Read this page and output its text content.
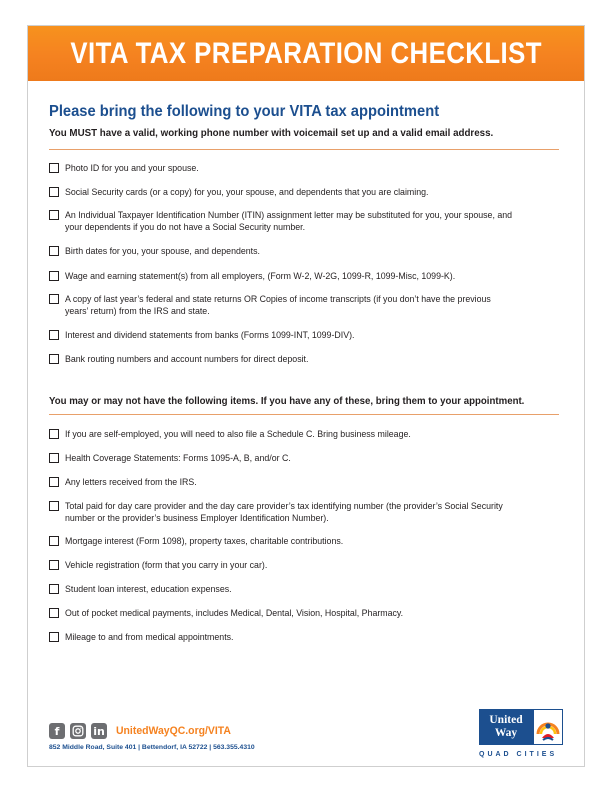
VITA TAX PREPARATION CHECKLIST
Please bring the following to your VITA tax appointment
You MUST have a valid, working phone number with voicemail set up and a valid email address.
Photo ID for you and your spouse.
Social Security cards (or a copy) for you, your spouse, and dependents that you are claiming.
An Individual Taxpayer Identification Number (ITIN) assignment letter may be substituted for you, your spouse, and your dependents if you do not have a Social Security number.
Birth dates for you, your spouse, and dependents.
Wage and earning statement(s) from all employers, (Form W-2, W-2G, 1099-R, 1099-Misc, 1099-K).
A copy of last year’s federal and state returns OR Copies of income transcripts (if you don’t have the previous years’ return) from the IRS and state.
Interest and dividend statements from banks (Forms 1099-INT, 1099-DIV).
Bank routing numbers and account numbers for direct deposit.
You may or may not have the following items. If you have any of these, bring them to your appointment.
If you are self-employed, you will need to also file a Schedule C. Bring business mileage.
Health Coverage Statements: Forms 1095-A, B, and/or C.
Any letters received from the IRS.
Total paid for day care provider and the day care provider’s tax identifying number (the provider’s Social Security number or the provider’s business Employer Identification Number).
Mortgage interest (Form 1098), property taxes, charitable contributions.
Vehicle registration (form that you carry in your car).
Student loan interest, education expenses.
Out of pocket medical payments, includes Medical, Dental, Vision, Hospital, Pharmacy.
Mileage to and from medical appointments.
f	in UnitedWayQC.org/VITA
852 Middle Road, Suite 401 | Bettendorf, IA 52722 | 563.355.4310
United
Way
QUAD CITIES
